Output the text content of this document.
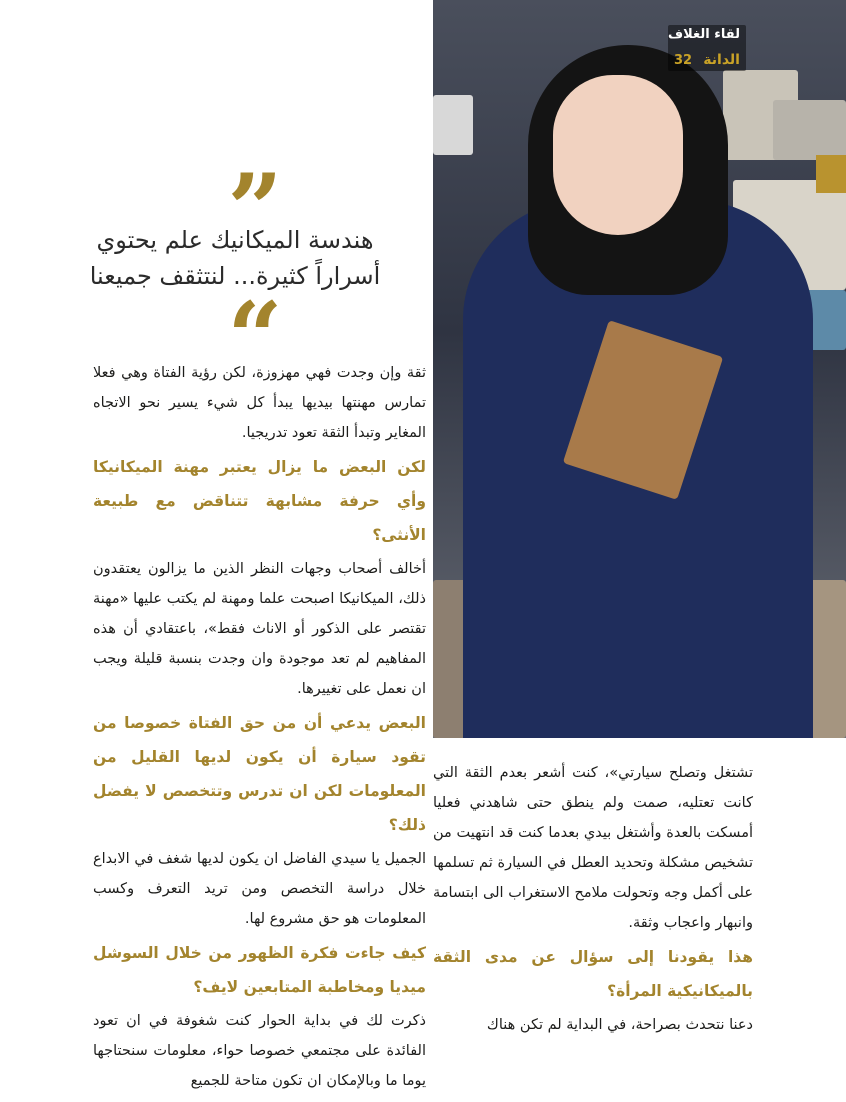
لقاء الغلاف
32 الدانة
”
هندسة الميكانيك علم يحتوي
أسراراً كثيرة... لنتثقف جميعنا
“

ثقة وإن وجدت فهي مهزوزة، لكن رؤية الفتاة وهي فعلا تمارس مهنتها بيديها يبدأ كل شيء يسير نحو الاتجاه المغاير وتبدأ الثقة تعود تدريجيا.

لكن البعض ما يزال يعتبر مهنة الميكانيكا وأي حرفة مشابهة تتناقض مع طبيعة الأنثى؟

أخالف أصحاب وجهات النظر الذين ما يزالون يعتقدون ذلك، الميكانيكا اصبحت علما ومهنة لم يكتب عليها «مهنة تقتصر على الذكور أو الاناث فقط»، باعتقادي أن هذه المفاهيم لم تعد موجودة وان وجدت بنسبة قليلة ويجب ان نعمل على تغييرها.

البعض يدعي أن من حق الفتاة خصوصا من تقود سيارة أن يكون لديها القليل من المعلومات لكن ان تدرس وتتخصص لا يفضل ذلك؟

الجميل يا سيدي الفاضل ان يكون لديها شغف في الابداع خلال دراسة التخصص ومن تريد التعرف وكسب المعلومات هو حق مشروع لها.

كيف جاءت فكرة الظهور من خلال السوشل ميديا ومخاطبة المتابعين لايف؟

ذكرت لك في بداية الحوار كنت شغوفة في ان تعود الفائدة على مجتمعي خصوصا حواء، معلومات سنحتاجها يوما ما وبالإمكان ان تكون متاحة للجميع

تشتغل وتصلح سيارتي»، كنت أشعر بعدم الثقة التي كانت تعتليه، صمت ولم ينطق حتى شاهدني فعليا أمسكت بالعدة وأشتغل بيدي بعدما كنت قد انتهيت من تشخيص مشكلة وتحديد العطل في السيارة ثم تسلمها على أكمل وجه وتحولت ملامح الاستغراب الى ابتسامة وانبهار واعجاب وثقة.

هذا يقودنا إلى سؤال عن مدى الثقة بالميكانيكية المرأة؟

دعنا نتحدث بصراحة، في البداية لم تكن هناك
